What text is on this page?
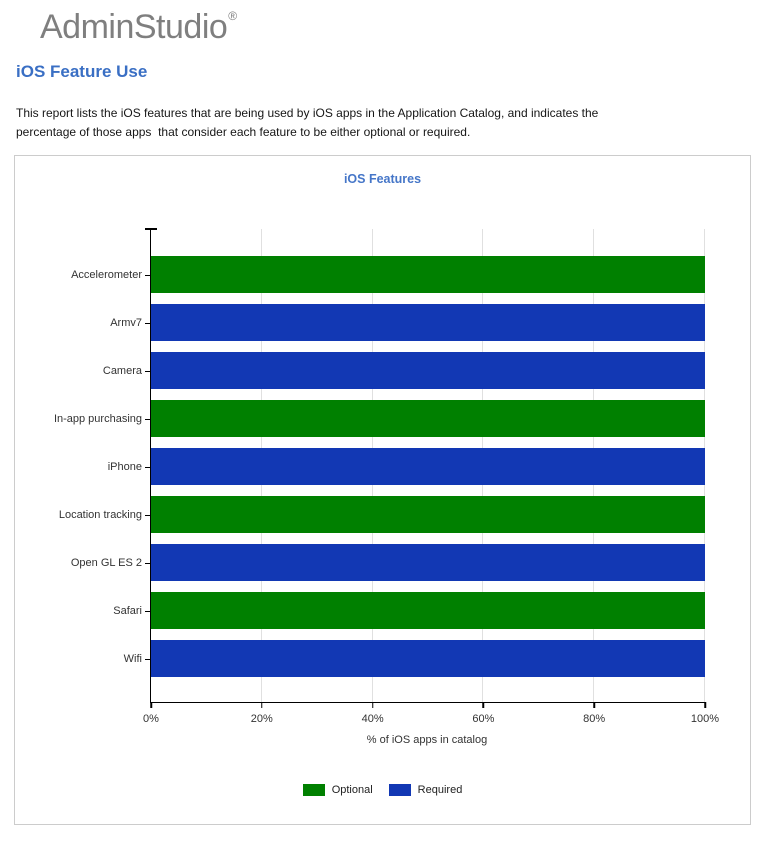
AdminStudio®
iOS Feature Use
This report lists the iOS features that are being used by iOS apps in the Application Catalog, and indicates the percentage of those apps  that consider each feature to be either optional or required.
iOS Features
Accelerometer
Armv7
Camera
In-app purchasing
iPhone
Location tracking
Open GL ES 2
Safari
Wifi
0%	20%	40%	60%	80%	100%
% of iOS apps in catalog
Optional	Required
